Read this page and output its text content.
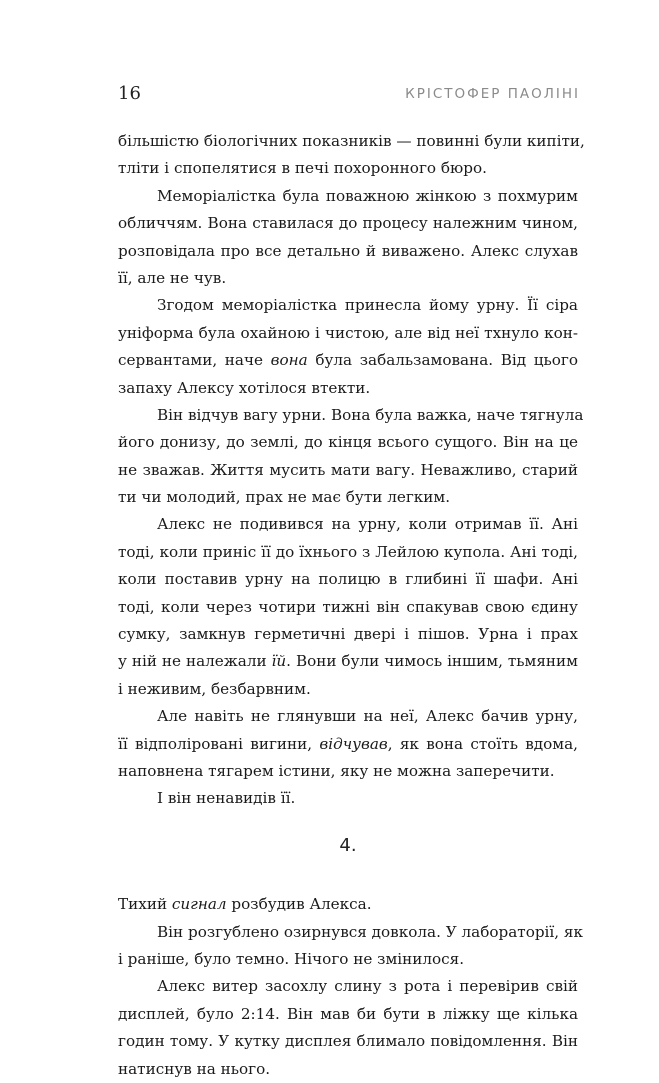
16	КРІСТОФЕР ПАОЛІНІ
більшістю біологічних показників — повинні були кипіти,
тліти і спопелятися в печі похоронного бюро.
Меморіалістка була поважною жінкою з похмурим
обличчям. Вона ставилася до процесу належним чином,
розповідала про все детально й виважено. Алекс слухав
її, але не чув.
Згодом меморіалістка принесла йому урну. Її сіра
уніформа була охайною і чистою, але від неї тхнуло кон-
сервантами, наче вона була забальзамована. Від цього
запаху Алексу хотілося втекти.
Він відчув вагу урни. Вона була важка, наче тягнула
його донизу, до землі, до кінця всього сущого. Він на це
не зважав. Життя мусить мати вагу. Неважливо, старий
ти чи молодий, прах не має бути легким.
Алекс не подивився на урну, коли отримав її. Ані
тоді, коли приніс її до їхнього з Лейлою купола. Ані тоді,
коли поставив урну на полицю в глибині її шафи. Ані
тоді, коли через чотири тижні він спакував свою єдину
сумку, замкнув герметичні двері і пішов. Урна і прах
у ній не належали їй. Вони були чимось іншим, тьмяним
і неживим, безбарвним.
Але навіть не глянувши на неї, Алекс бачив урну,
її відполіровані вигини, відчував, як вона стоїть вдома,
наповнена тягарем істини, яку не можна заперечити.
І він ненавидів її.
4.
Тихий сигнал розбудив Алекса.
Він розгублено озирнувся довкола. У лабораторії, як
і раніше, було темно. Нічого не змінилося.
Алекс витер засохлу слину з рота і перевірив свій
дисплей, було 2:14. Він мав би бути в ліжку ще кілька
годин тому. У кутку дисплея блимало повідомлення. Він
натиснув на нього.
